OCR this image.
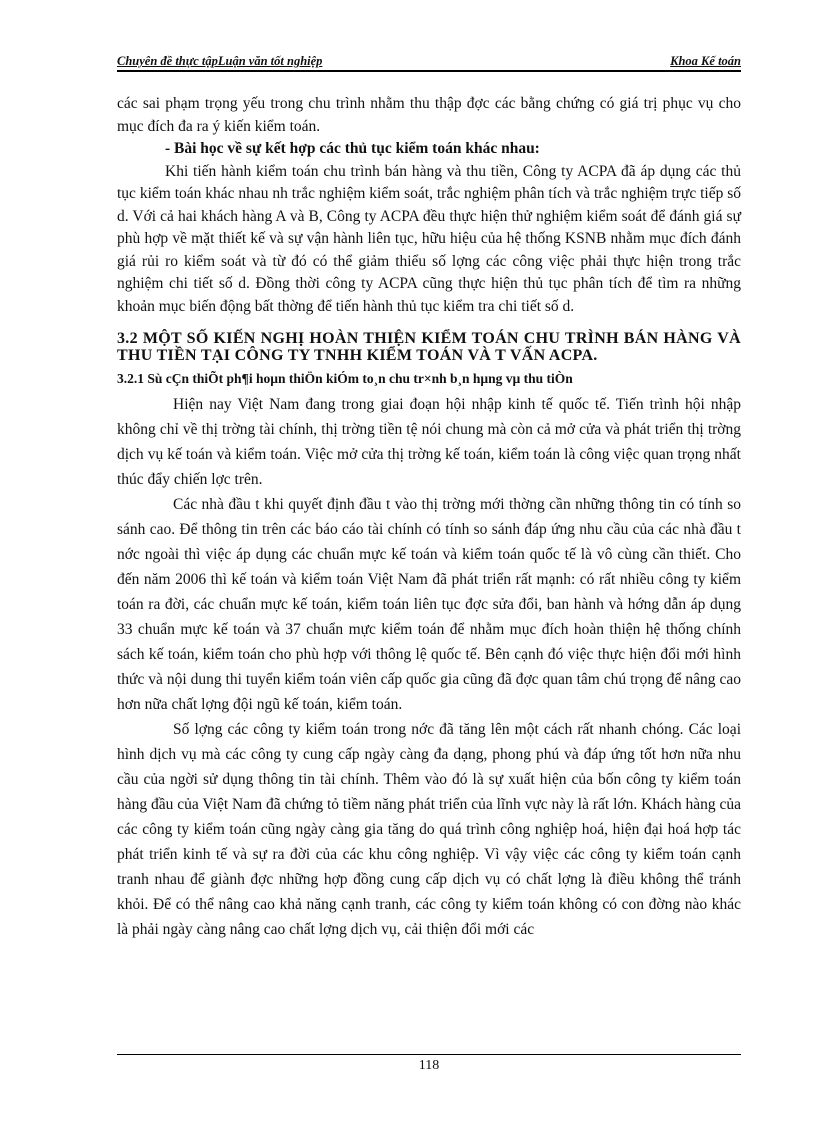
Chuyên đề thực tậpLuận văn tốt nghiệp	Khoa Kế toán

các sai phạm trọng yếu trong chu trình nhằm thu thập đợc các bằng chứng có giá trị phục vụ cho mục đích đa ra ý kiến kiểm toán.

- Bài học về sự kết hợp các thủ tục kiểm toán khác nhau:

Khi tiến hành kiểm toán chu trình bán hàng và thu tiền, Công ty ACPA đã áp dụng các thủ tục kiểm toán khác nhau nh trắc nghiệm kiểm soát, trắc nghiệm phân tích và trắc nghiệm trực tiếp số d. Với cả hai khách hàng A và B, Công ty ACPA đều thực hiện thử nghiệm kiểm soát để đánh giá sự phù hợp về mặt thiết kế và sự vận hành liên tục, hữu hiệu của hệ thống KSNB nhằm mục đích đánh giá rủi ro kiểm soát và từ đó có thể giảm thiểu số lợng các công việc phải thực hiện trong trắc nghiệm chi tiết số d. Đồng thời công ty ACPA cũng thực hiện thủ tục phân tích để tìm ra những khoản mục biến động bất thờng để tiến hành thủ tục kiểm tra chi tiết số d.

3.2 MỘT SỐ KIẾN NGHỊ HOÀN THIỆN KIỂM TOÁN CHU TRÌNH BÁN HÀNG VÀ THU TIỀN TẠI CÔNG TY TNHH KIỂM TOÁN VÀ T VẤN ACPA.

3.2.1 Sù cÇn thiÕt ph¶i hoµn thiÖn kiÓm to¸n chu tr×nh b¸n hµng vµ thu tiÒn

Hiện nay Việt Nam đang trong giai đoạn hội nhập kinh tế quốc tế. Tiến trình hội nhập không chỉ về thị trờng tài chính, thị trờng tiền tệ nói chung mà còn cả mở cửa và phát triển thị trờng dịch vụ kế toán và kiểm toán. Việc mở cửa thị trờng kế toán, kiểm toán là công việc quan trọng nhất thúc đẩy chiến lợc trên.

Các nhà đầu t khi quyết định đầu t vào thị trờng mới thờng cần những thông tin có tính so sánh cao. Để thông tin trên các báo cáo tài chính có tính so sánh đáp ứng nhu cầu của các nhà đầu t nớc ngoài thì việc áp dụng các chuẩn mực kế toán và kiểm toán quốc tế là vô cùng cần thiết. Cho đến năm 2006 thì kế toán và kiểm toán Việt Nam đã phát triển rất mạnh: có rất nhiều công ty kiểm toán ra đời, các chuẩn mực kế toán, kiểm toán liên tục đợc sửa đổi, ban hành và hớng dẫn áp dụng 33 chuẩn mực kế toán và 37 chuẩn mực kiểm toán để nhằm mục đích hoàn thiện hệ thống chính sách kế toán, kiểm toán cho phù hợp với thông lệ quốc tế. Bên cạnh đó việc thực hiện đổi mới hình thức và nội dung thi tuyển kiểm toán viên cấp quốc gia cũng đã đợc quan tâm chú trọng để nâng cao hơn nữa chất lợng đội ngũ kế toán, kiểm toán.

Số lợng các công ty kiểm toán trong nớc đã tăng lên một cách rất nhanh chóng. Các loại hình dịch vụ mà các công ty cung cấp ngày càng đa dạng, phong phú và đáp ứng tốt hơn nữa nhu cầu của ngời sử dụng thông tin tài chính. Thêm vào đó là sự xuất hiện của bốn công ty kiểm toán hàng đầu của Việt Nam đã chứng tỏ tiềm năng phát triển của lĩnh vực này là rất lớn. Khách hàng của các công ty kiểm toán cũng ngày càng gia tăng do quá trình công nghiệp hoá, hiện đại hoá hợp tác phát triển kinh tế và sự ra đời của các khu công nghiệp. Vì vậy việc các công ty kiểm toán cạnh tranh nhau để giành đợc những hợp đồng cung cấp dịch vụ có chất lợng là điều không thể tránh khỏi. Để có thể nâng cao khả năng cạnh tranh, các công ty kiểm toán không có con đờng nào khác là phải ngày càng nâng cao chất lợng dịch vụ, cải thiện đổi mới các

118
